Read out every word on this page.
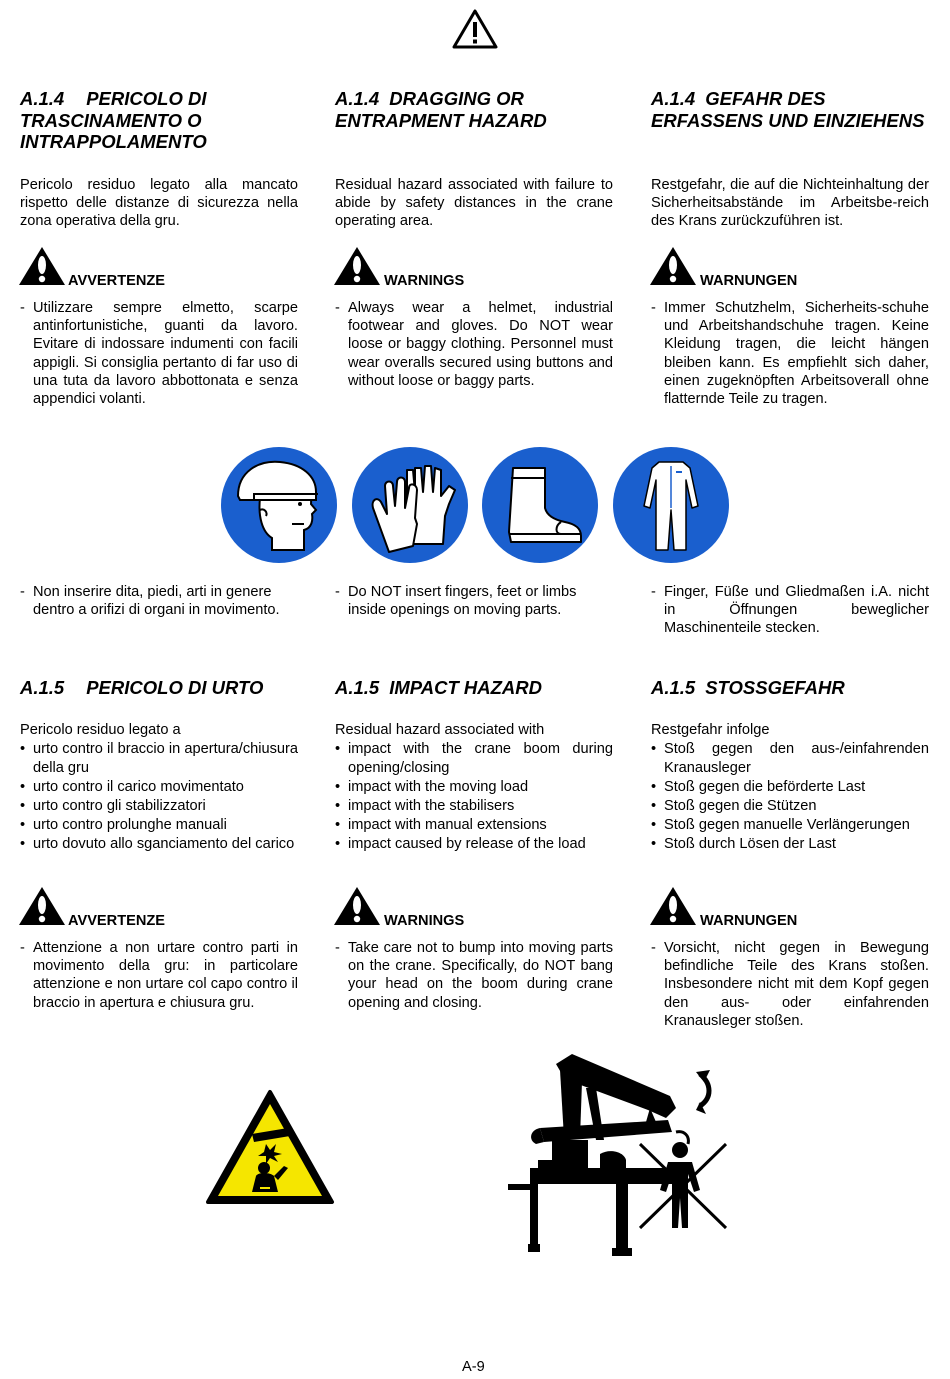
A.1.4 PERICOLO DI TRASCINAMENTO O INTRAPPOLAMENTO
Pericolo residuo legato alla mancato rispetto delle distanze di sicurezza nella zona operativa della gru.
A.1.4 DRAGGING OR ENTRAPMENT HAZARD
Residual hazard associated with failure to abide by safety distances in the crane operating area.
A.1.4 GEFAHR DES ERFASSENS UND EINZIEHENS
Restgefahr, die auf die Nichteinhaltung der Sicherheitsabstände im Arbeitsbe-reich des Krans zurückzuführen ist.
AVVERTENZE	WARNINGS	WARNUNGEN
- Utilizzare sempre elmetto, scarpe antinfortunistiche, guanti da lavoro. Evitare di indossare indumenti con facili appigli. Si consiglia pertanto di far uso di una tuta da lavoro abbottonata e senza appendici volanti.
- Always wear a helmet, industrial footwear and gloves. Do NOT wear loose or baggy clothing. Personnel must wear overalls secured using buttons and without loose or baggy parts.
- Immer Schutzhelm, Sicherheits-schuhe und Arbeitshandschuhe tragen. Keine Kleidung tragen, die leicht hängen bleiben kann. Es empfiehlt sich daher, einen zugeknöpften Arbeitsoverall ohne flatternde Teile zu tragen.
- Non inserire dita, piedi, arti in genere dentro a orifizi di organi in movimento.
- Do NOT insert fingers, feet or limbs inside openings on moving parts.
- Finger, Füße und Gliedmaßen i.A. nicht in Öffnungen beweglicher Maschinenteile stecken.
A.1.5 PERICOLO DI URTO	A.1.5 IMPACT HAZARD	A.1.5 STOSSGEFAHR
Pericolo residuo legato a
• urto contro il braccio in apertura/chiusura della gru
• urto contro il carico movimentato
• urto contro gli stabilizzatori
• urto contro prolunghe manuali
• urto dovuto allo sganciamento del carico
Residual hazard associated with
• impact with the crane boom during opening/closing
• impact with the moving load
• impact with the stabilisers
• impact with manual extensions
• impact caused by release of the load
Restgefahr infolge
• Stoß gegen den aus-/einfahrenden Kranausleger
• Stoß gegen die beförderte Last
• Stoß gegen die Stützen
• Stoß gegen manuelle Verlängerungen
• Stoß durch Lösen der Last
AVVERTENZE	WARNINGS	WARNUNGEN
- Attenzione a non urtare contro parti in movimento della gru: in particolare attenzione e non urtare col capo contro il braccio in apertura e chiusura gru.
- Take care not to bump into moving parts on the crane. Specifically, do NOT bang your head on the boom during crane opening and closing.
- Vorsicht, nicht gegen in Bewegung befindliche Teile des Krans stoßen. Insbesondere nicht mit dem Kopf gegen den aus- oder einfahrenden Kranausleger stoßen.
A-9
